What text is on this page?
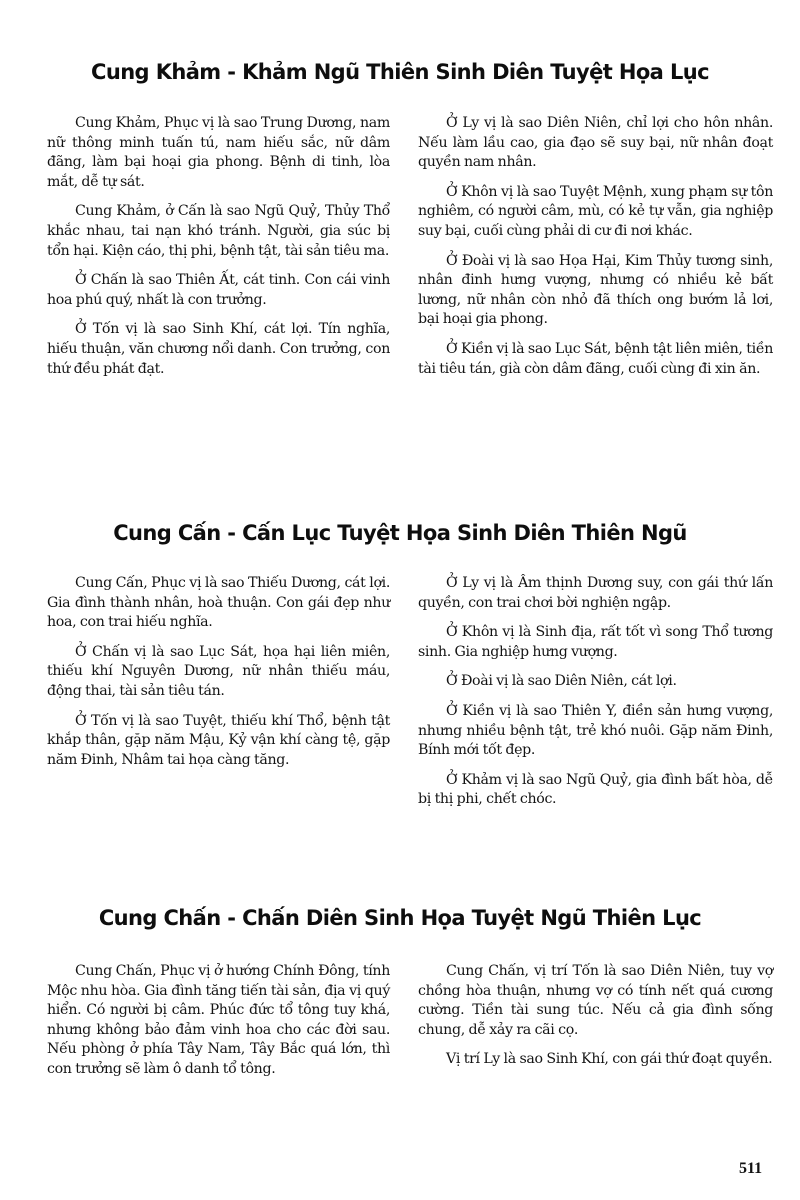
Cung Khảm - Khảm Ngũ Thiên Sinh Diên Tuyệt Họa Lục

Cung Khảm, Phục vị là sao Trung Dương, nam nữ thông minh tuấn tú, nam hiếu sắc, nữ dâm đãng, làm bại hoại gia phong. Bệnh di tinh, lòa mắt, dễ tự sát.

Cung Khảm, ở Cấn là sao Ngũ Quỷ, Thủy Thổ khắc nhau, tai nạn khó tránh. Người, gia súc bị tổn hại. Kiện cáo, thị phi, bệnh tật, tài sản tiêu ma.

Ở Chấn là sao Thiên Ất, cát tinh. Con cái vinh hoa phú quý, nhất là con trưởng.

Ở Tốn vị là sao Sinh Khí, cát lợi. Tín nghĩa, hiếu thuận, văn chương nổi danh. Con trưởng, con thứ đều phát đạt.

Ở Ly vị là sao Diên Niên, chỉ lợi cho hôn nhân. Nếu làm lầu cao, gia đạo sẽ suy bại, nữ nhân đoạt quyền nam nhân.

Ở Khôn vị là sao Tuyệt Mệnh, xung phạm sự tôn nghiêm, có người câm, mù, có kẻ tự vẫn, gia nghiệp suy bại, cuối cùng phải di cư đi nơi khác.

Ở Đoài vị là sao Họa Hại, Kim Thủy tương sinh, nhân đinh hưng vượng, nhưng có nhiều kẻ bất lương, nữ nhân còn nhỏ đã thích ong bướm lả lơi, bại hoại gia phong.

Ở Kiền vị là sao Lục Sát, bệnh tật liên miên, tiền tài tiêu tán, già còn dâm đãng, cuối cùng đi xin ăn.

Cung Cấn - Cấn Lục Tuyệt Họa Sinh Diên Thiên Ngũ

Cung Cấn, Phục vị là sao Thiếu Dương, cát lợi. Gia đình thành nhân, hoà thuận. Con gái đẹp như hoa, con trai hiếu nghĩa.

Ở Chấn vị là sao Lục Sát, họa hại liên miên, thiếu khí Nguyên Dương, nữ nhân thiếu máu, động thai, tài sản tiêu tán.

Ở Tốn vị là sao Tuyệt, thiếu khí Thổ, bệnh tật khắp thân, gặp năm Mậu, Kỷ vận khí càng tệ, gặp năm Đinh, Nhâm tai họa càng tăng.

Ở Ly vị là Âm thịnh Dương suy, con gái thứ lấn quyền, con trai chơi bời nghiện ngập.

Ở Khôn vị là Sinh địa, rất tốt vì song Thổ tương sinh. Gia nghiệp hưng vượng.

Ở Đoài vị là sao Diên Niên, cát lợi.

Ở Kiền vị là sao Thiên Y, điền sản hưng vượng, nhưng nhiều bệnh tật, trẻ khó nuôi. Gặp năm Đinh, Bính mới tốt đẹp.

Ở Khảm vị là sao Ngũ Quỷ, gia đình bất hòa, dễ bị thị phi, chết chóc.

Cung Chấn - Chấn Diên Sinh Họa Tuyệt Ngũ Thiên Lục

Cung Chấn, Phục vị ở hướng Chính Đông, tính Mộc nhu hòa. Gia đình tăng tiến tài sản, địa vị quý hiển. Có người bị câm. Phúc đức tổ tông tuy khá, nhưng không bảo đảm vinh hoa cho các đời sau. Nếu phòng ở phía Tây Nam, Tây Bắc quá lớn, thì con trưởng sẽ làm ô danh tổ tông.

Cung Chấn, vị trí Tốn là sao Diên Niên, tuy vợ chồng hòa thuận, nhưng vợ có tính nết quá cương cường. Tiền tài sung túc. Nếu cả gia đình sống chung, dễ xảy ra cãi cọ.

Vị trí Ly là sao Sinh Khí, con gái thứ đoạt quyền.

511
